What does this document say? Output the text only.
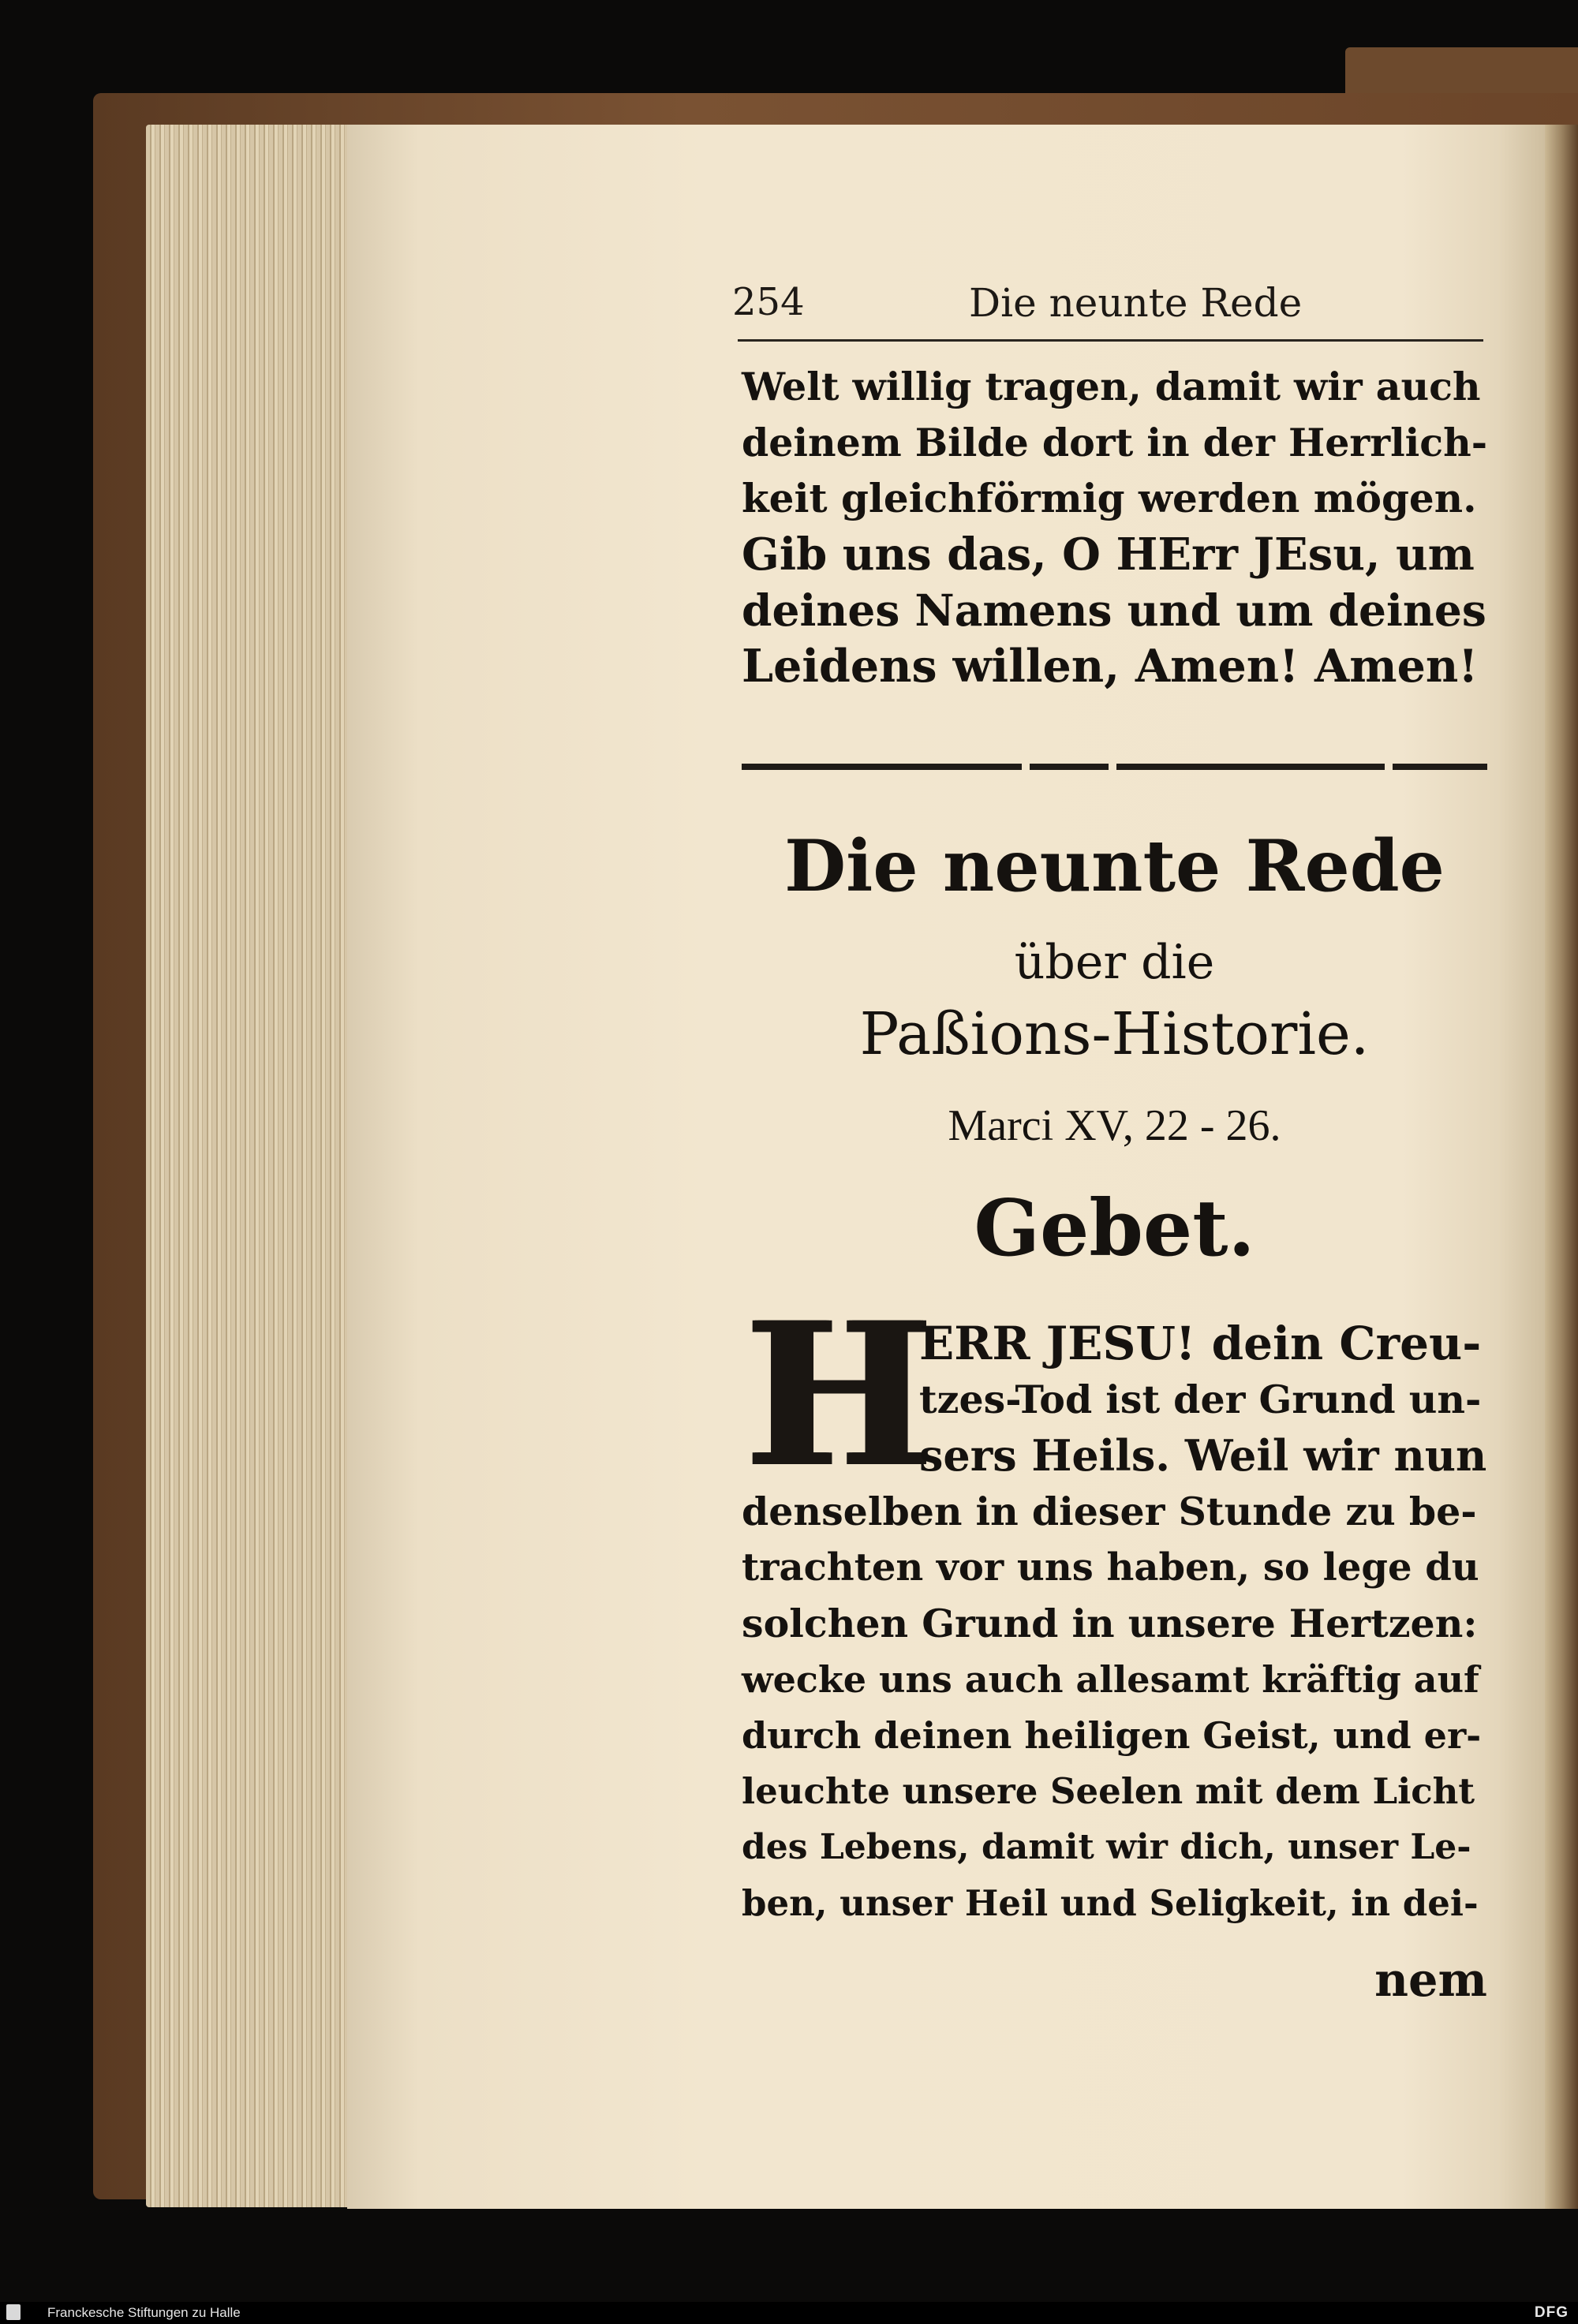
254	Die neunte Rede
Welt willig tragen, damit wir auch
deinem Bilde dort in der Herrlich-
keit gleichförmig werden mögen.
Gib uns das, O HErr JEsu, um
deines Namens und um deines
Leidens willen, Amen! Amen!
Die neunte Rede
über die
Paßions-Historie.
Marci XV, 22 - 26.
Gebet.
H
ERR JESU! dein Creu-
tzes-Tod ist der Grund un-
sers Heils. Weil wir nun
denselben in dieser Stunde zu be-
trachten vor uns haben, so lege du
solchen Grund in unsere Hertzen:
wecke uns auch allesamt kräftig auf
durch deinen heiligen Geist, und er-
leuchte unsere Seelen mit dem Licht
des Lebens, damit wir dich, unser Le-
ben, unser Heil und Seligkeit, in dei-
nem
Franckesche Stiftungen zu Halle	DFG
